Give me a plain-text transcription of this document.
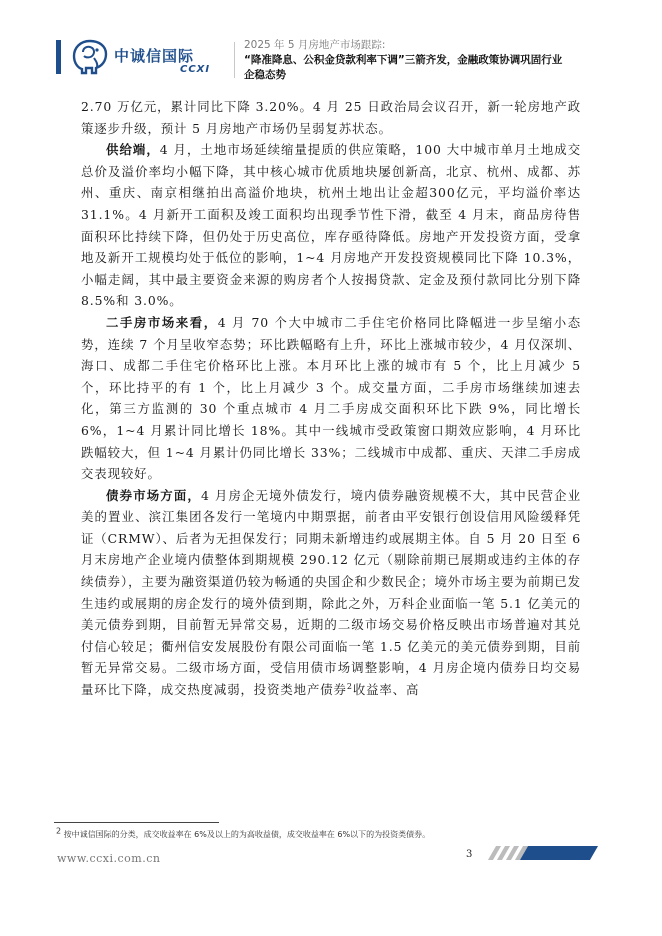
中诚信国际
CCXI
2025 年 5 月房地产市场跟踪:
“降准降息、公积金贷款利率下调”三箭齐发，金融政策协调巩固行业
企稳态势

2.70 万亿元，累计同比下降 3.20%。4 月 25 日政治局会议召开，新一轮房地产政策逐步升级，预计 5 月房地产市场仍呈弱复苏状态。

供给端，4 月，土地市场延续缩量提质的供应策略，100 大中城市单月土地成交总价及溢价率均小幅下降，其中核心城市优质地块屡创新高，北京、杭州、成都、苏州、重庆、南京相继拍出高溢价地块，杭州土地出让金超300亿元，平均溢价率达 31.1%。4 月新开工面积及竣工面积均出现季节性下滑，截至 4 月末，商品房待售面积环比持续下降，但仍处于历史高位，库存亟待降低。房地产开发投资方面，受拿地及新开工规模均处于低位的影响，1~4 月房地产开发投资规模同比下降 10.3%，小幅走阔，其中最主要资金来源的购房者个人按揭贷款、定金及预付款同比分别下降 8.5%和 3.0%。

二手房市场来看，4 月 70 个大中城市二手住宅价格同比降幅进一步呈缩小态势，连续 7 个月呈收窄态势；环比跌幅略有上升，环比上涨城市较少，4 月仅深圳、海口、成都二手住宅价格环比上涨。本月环比上涨的城市有 5 个，比上月减少 5 个，环比持平的有 1 个，比上月减少 3 个。成交量方面，二手房市场继续加速去化，第三方监测的 30 个重点城市 4 月二手房成交面积环比下跌 9%，同比增长 6%，1~4 月累计同比增长 18%。其中一线城市受政策窗口期效应影响，4 月环比跌幅较大，但 1~4 月累计仍同比增长 33%；二线城市中成都、重庆、天津二手房成交表现较好。

债券市场方面，4 月房企无境外债发行，境内债券融资规模不大，其中民营企业美的置业、滨江集团各发行一笔境内中期票据，前者由平安银行创设信用风险缓释凭证（CRMW）、后者为无担保发行；同期未新增违约或展期主体。自 5 月 20 日至 6 月末房地产企业境内债整体到期规模 290.12 亿元（剔除前期已展期或违约主体的存续债券），主要为融资渠道仍较为畅通的央国企和少数民企；境外市场主要为前期已发生违约或展期的房企发行的境外债到期，除此之外，万科企业面临一笔 5.1 亿美元的美元债券到期，目前暂无异常交易，近期的二级市场交易价格反映出市场普遍对其兑付信心较足；衢州信安发展股份有限公司面临一笔 1.5 亿美元的美元债券到期，目前暂无异常交易。二级市场方面，受信用债市场调整影响，4 月房企境内债券日均交易量环比下降，成交热度减弱，投资类地产债券$^2$收益率、高

$^2$ 按中诚信国际的分类，成交收益率在 6%及以上的为高收益债，成交收益率在 6%以下的为投资类债券。
www.ccxi.com.cn	3
